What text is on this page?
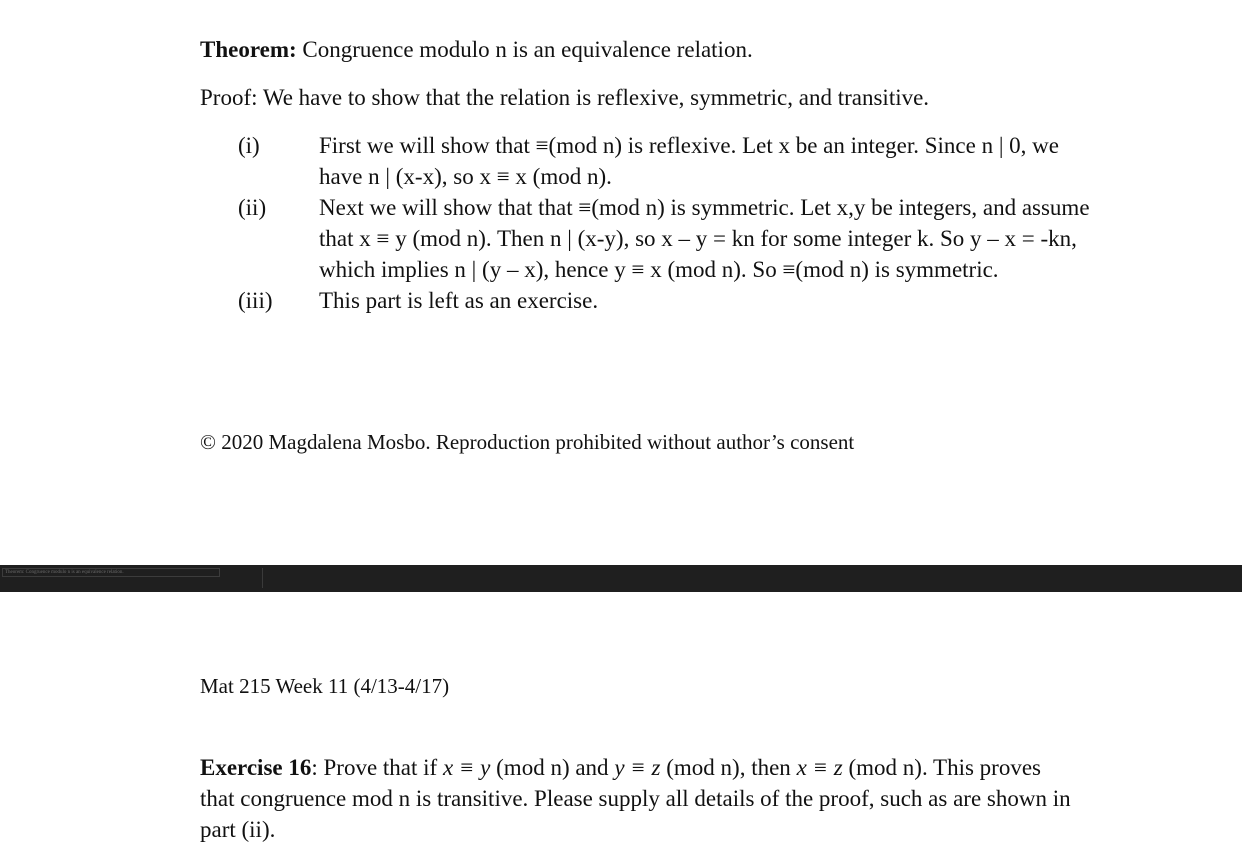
Theorem: Congruence modulo n is an equivalence relation.
Proof: We have to show that the relation is reflexive, symmetric, and transitive.
(i)	First we will show that ≡(mod n) is reflexive. Let x be an integer. Since n | 0, we
have n | (x-x), so x ≡ x (mod n).
(ii) Next we will show that that ≡(mod n) is symmetric. Let x,y be integers, and assume
that x ≡ y (mod n). Then n | (x-y), so x – y = kn for some integer k. So y – x = -kn,
which implies n | (y – x), hence y ≡ x (mod n). So ≡(mod n) is symmetric.
(iii) This part is left as an exercise.
© 2020 Magdalena Mosbo. Reproduction prohibited without author’s consent
Theorem: Congruence modulo n is an equivalence relation.
Mat 215 Week 11 (4/13-4/17)
Exercise 16: Prove that if x ≡ y (mod n) and y ≡ z (mod n), then x ≡ z (mod n). This proves
that congruence mod n is transitive. Please supply all details of the proof, such as are shown in
part (ii).
